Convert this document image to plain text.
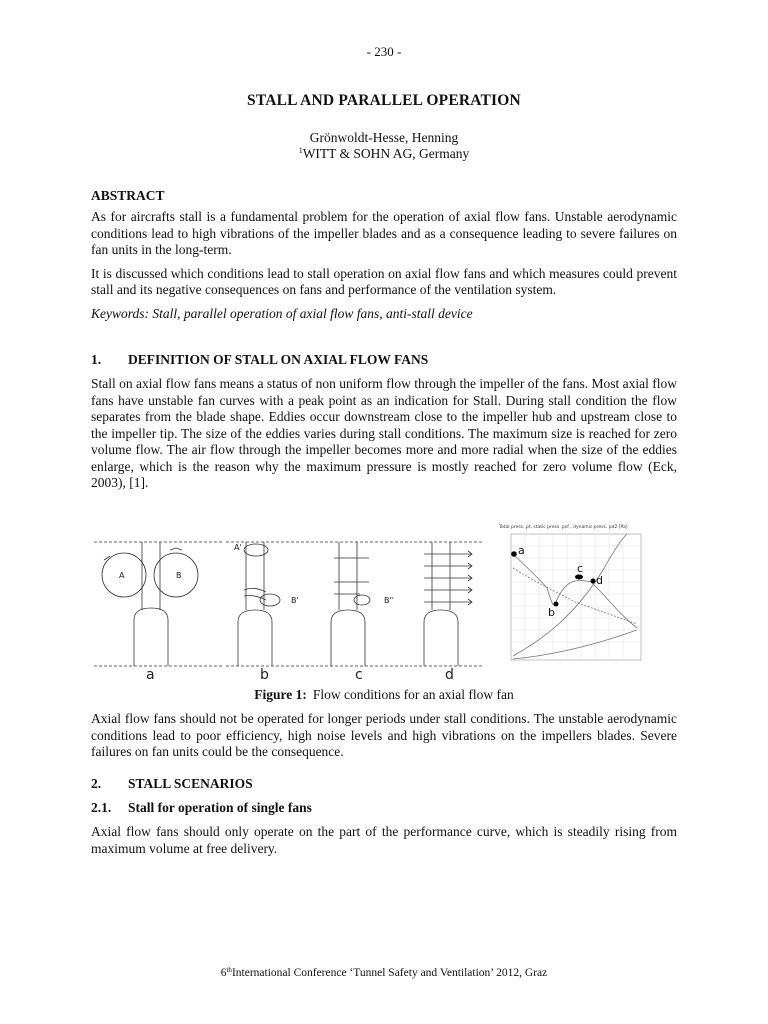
- 230 -
STALL AND PARALLEL OPERATION
Grönwoldt-Hesse, Henning
$^1$WITT & SOHN AG, Germany
ABSTRACT
As for aircrafts stall is a fundamental problem for the operation of axial flow fans. Unstable aerodynamic conditions lead to high vibrations of the impeller blades and as a consequence leading to severe failures on fan units in the long-term.
It is discussed which conditions lead to stall operation on axial flow fans and which measures could prevent stall and its negative consequences on fans and performance of the ventilation system.
Keywords: Stall, parallel operation of axial flow fans, anti-stall device
1. DEFINITION OF STALL ON AXIAL FLOW FANS
Stall on axial flow fans means a status of non uniform flow through the impeller of the fans. Most axial flow fans have unstable fan curves with a peak point as an indication for Stall. During stall condition the flow separates from the blade shape. Eddies occur downstream close to the impeller hub and upstream close to the impeller tip. The size of the eddies varies during stall conditions. The maximum size is reached for zero volume flow. The air flow through the impeller becomes more and more radial when the size of the eddies enlarge, which is the reason why the maximum pressure is mostly reached for zero volume flow (Eck, 2003), [1].
A	B
A'
B'	B''
a	b	c	d
Total press. pt, static press. psf , dynamic press. pd2 [Pa]
a
b
c
d
Figure 1: Flow conditions for an axial flow fan
Axial flow fans should not be operated for longer periods under stall conditions. The unstable aerodynamic conditions lead to poor efficiency, high noise levels and high vibrations on the impellers blades. Severe failures on fan units could be the consequence.
2. STALL SCENARIOS
2.1. Stall for operation of single fans
Axial flow fans should only operate on the part of the performance curve, which is steadily rising from maximum volume at free delivery.
6thInternational Conference ‘Tunnel Safety and Ventilation’ 2012, Graz
